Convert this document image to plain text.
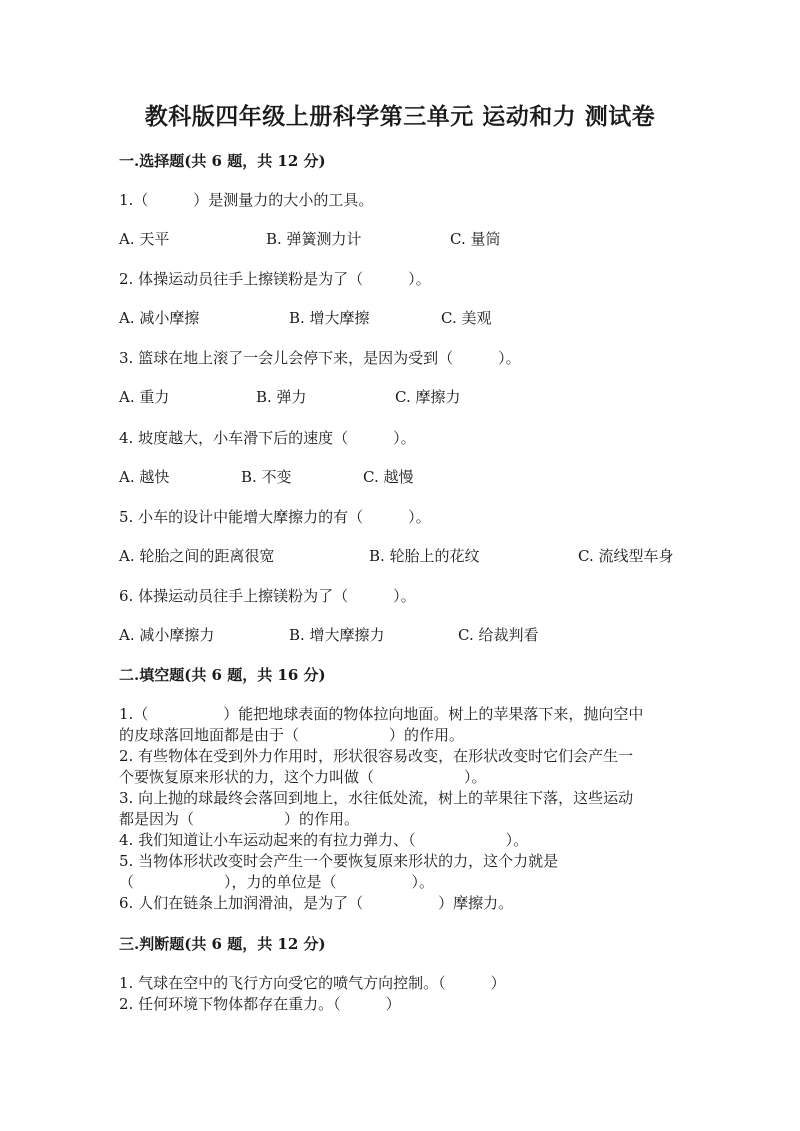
教科版四年级上册科学第三单元 运动和力 测试卷
一.选择题(共 6 题，共 12 分)
1.（　　　）是测量力的大小的工具。
A. 天平	B. 弹簧测力计	C. 量筒
2. 体操运动员往手上擦镁粉是为了（　　　）。
A. 减小摩擦	B. 增大摩擦	C. 美观
3. 篮球在地上滚了一会儿会停下来，是因为受到（　　　）。
A. 重力	B. 弹力	C. 摩擦力
4. 坡度越大，小车滑下后的速度（　　　）。
A. 越快	B. 不变	C. 越慢
5. 小车的设计中能增大摩擦力的有（　　　）。
A. 轮胎之间的距离很宽	B. 轮胎上的花纹	C. 流线型车身
6. 体操运动员往手上擦镁粉为了（　　　）。
A. 减小摩擦力	B. 增大摩擦力	C. 给裁判看
二.填空题(共 6 题，共 16 分)
1.（　　　　　）能把地球表面的物体拉向地面。树上的苹果落下来，抛向空中
的皮球落回地面都是由于（　　　　　　）的作用。
2. 有些物体在受到外力作用时，形状很容易改变，在形状改变时它们会产生一
个要恢复原来形状的力，这个力叫做（　　　　　　）。
3. 向上抛的球最终会落回到地上，水往低处流，树上的苹果往下落，这些运动
都是因为（　　　　　　）的作用。
4. 我们知道让小车运动起来的有拉力弹力、（　　　　　　）。
5. 当物体形状改变时会产生一个要恢复原来形状的力，这个力就是
（　　　　　　），力的单位是（　　　　　）。
6. 人们在链条上加润滑油，是为了（　　　　　）摩擦力。
三.判断题(共 6 题，共 12 分)
1. 气球在空中的飞行方向受它的喷气方向控制。（　　　）
2. 任何环境下物体都存在重力。（　　　）
